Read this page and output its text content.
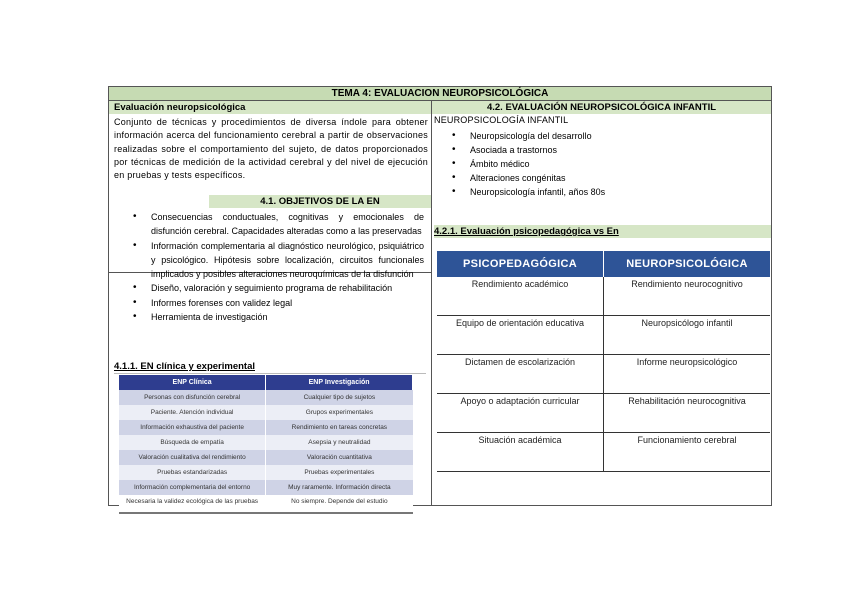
TEMA 4: EVALUACION NEUROPSICOLÓGICA
Evaluación neuropsicológica
Conjunto de técnicas y procedimientos de diversa índole para obtener información acerca del funcionamiento cerebral a partir de observaciones realizadas sobre el comportamiento del sujeto, de datos proporcionados por técnicas de medición de la actividad cerebral y del nivel de ejecución en pruebas y tests específicos.
4.1. OBJETIVOS DE LA EN
• Consecuencias conductuales, cognitivas y emocionales de disfunción cerebral. Capacidades alteradas como a las preservadas
• Información complementaria al diagnóstico neurológico, psiquiátrico y psicológico. Hipótesis sobre localización, circuitos funcionales implicados y posibles alteraciones neuroquímicas de la disfunción
• Diseño, valoración y seguimiento programa de rehabilitación
• Informes forenses con validez legal
• Herramienta de investigación
4.1.1. EN clínica y experimental
ENP Clínica	ENP Investigación
Personas con disfunción cerebral	Cualquier tipo de sujetos
Paciente. Atención individual	Grupos experimentales
Información exhaustiva del paciente	Rendimiento en tareas concretas
Búsqueda de empatía	Asepsia y neutralidad
Valoración cualitativa del rendimiento	Valoración cuantitativa
Pruebas estandarizadas	Pruebas experimentales
Información complementaria del entorno	Muy raramente. Información directa
Necesaria la validez ecológica de las pruebas	No siempre. Depende del estudio
4.2. EVALUACIÓN NEUROPSICOLÓGICA INFANTIL
NEUROPSICOLOGÍA INFANTIL
• Neuropsicología del desarrollo
• Asociada a trastornos
• Ámbito médico
• Alteraciones congénitas
• Neuropsicología infantil, años 80s
4.2.1. Evaluación psicopedagógica vs En
PSICOPEDAGÓGICA	NEUROPSICOLÓGICA
Rendimiento académico	Rendimiento neurocognitivo
Equipo de orientación educativa	Neuropsicólogo infantil
Dictamen de escolarización	Informe neuropsicológico
Apoyo o adaptación curricular	Rehabilitación neurocognitiva
Situación académica	Funcionamiento cerebral
